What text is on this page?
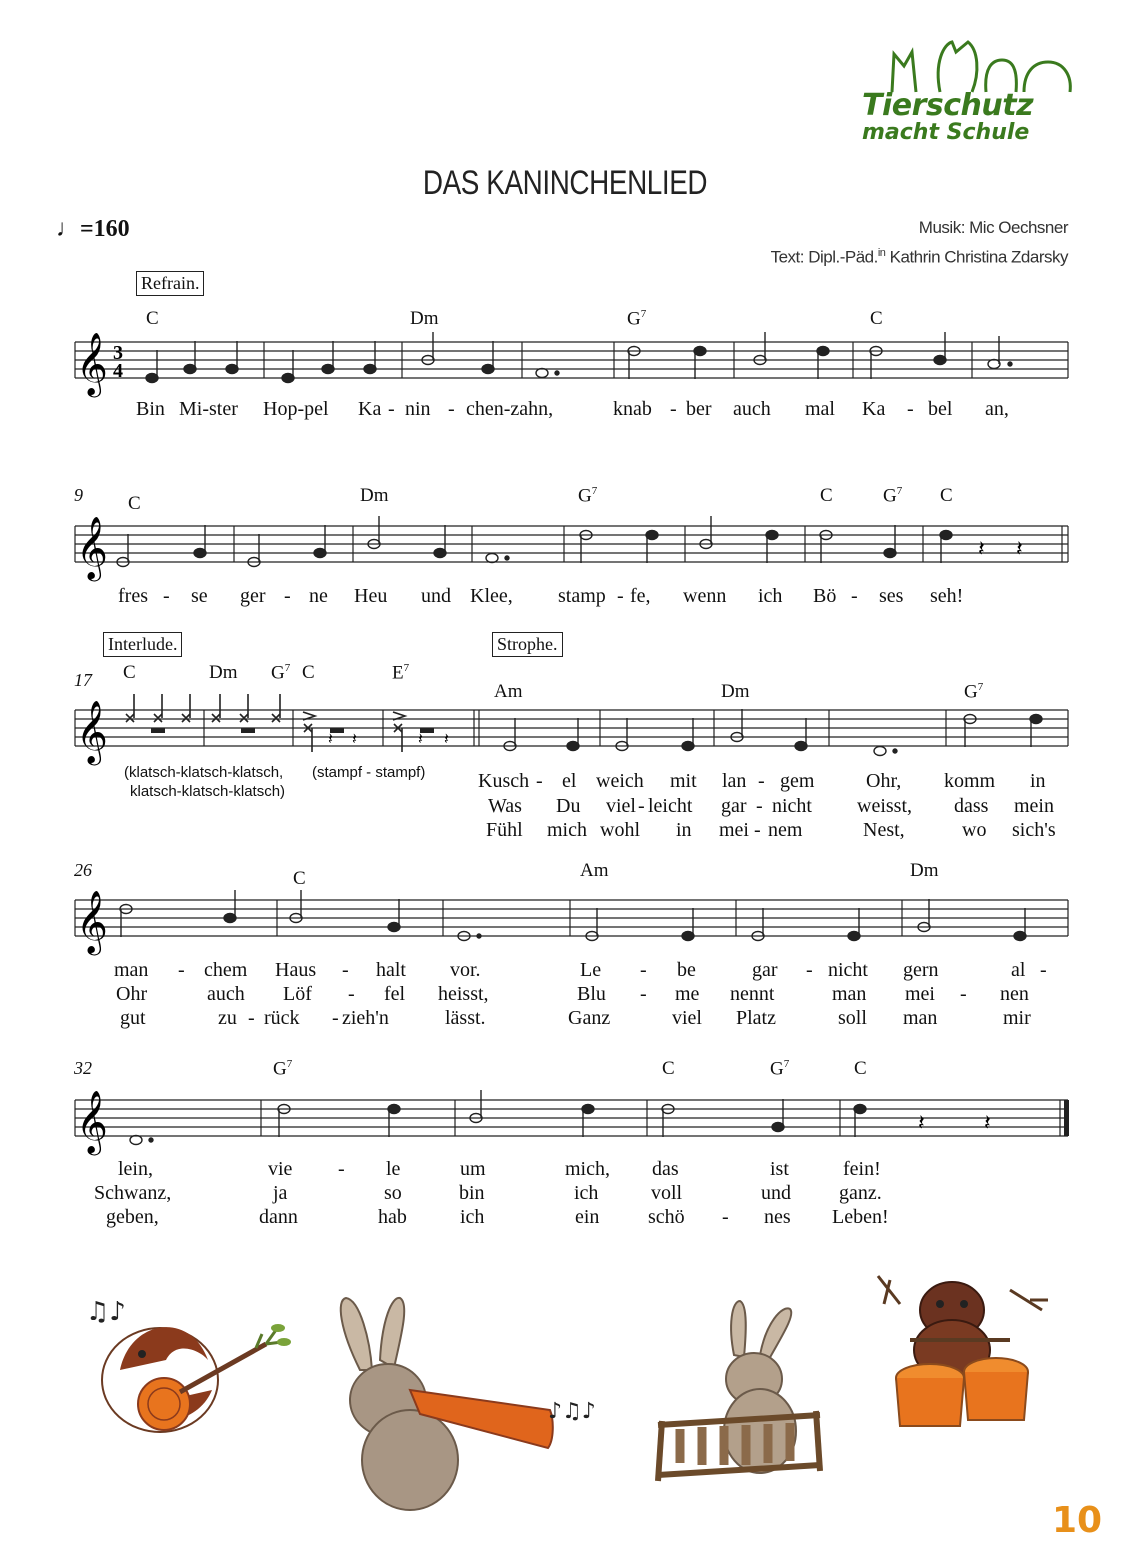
Tierschutz
macht Schule
DAS KANINCHENLIED
♩=160	Musik: Mic Oechsner
Text: Dipl.-Päd.$^{in}$ Kathrin Christina Zdarsky
Refrain.
Interlude.	Strophe.
9
17
26
32
C	Dm	$G^7$	C
𝄞 3
4
Bin Mi-ster Hop-pel Ka - nin - chen-zahn,	knab - ber auch mal Ka - bel an,
C	Dm	$G^7$	C	$G^7$ C
𝄞	𝄽 𝄽
fres - se ger - ne Heu und Klee, stamp - fe, wenn ich Bö - ses seh!
C	Dm $G^7$ C	$E^7$
Am	Dm	$G^7$
𝄞	𝄽 𝄽	𝄽 𝄽
(klatsch-klatsch-klatsch,
klatsch-klatsch-klatsch)
(stampf - stampf)	Kusch - el weich mit lan - gem	Ohr, komm in
Was Du viel - leicht gar - nicht weisst, dass mein
Fühl mich wohl in mei - nem	Nest,	wo sich's
C	Am	Dm
𝄞
man - chem Haus - halt vor.	Le - be	gar - nicht gern	al -
Ohr	auch Löf - fel heisst,	Blu - me nennt	man mei - nen
gut	zu - rück - zieh'n	lässt.	Ganz	viel Platz	soll man	mir
$G^7$	C	$G^7$	C
𝄞	𝄽	𝄽
lein,	vie - le	um	mich, das	ist	fein!
Schwanz,	ja	so	bin	ich	voll	und ganz.
geben,	dann	hab	ich	ein schö - nes Leben!
♫♪
♪♫♪
10
